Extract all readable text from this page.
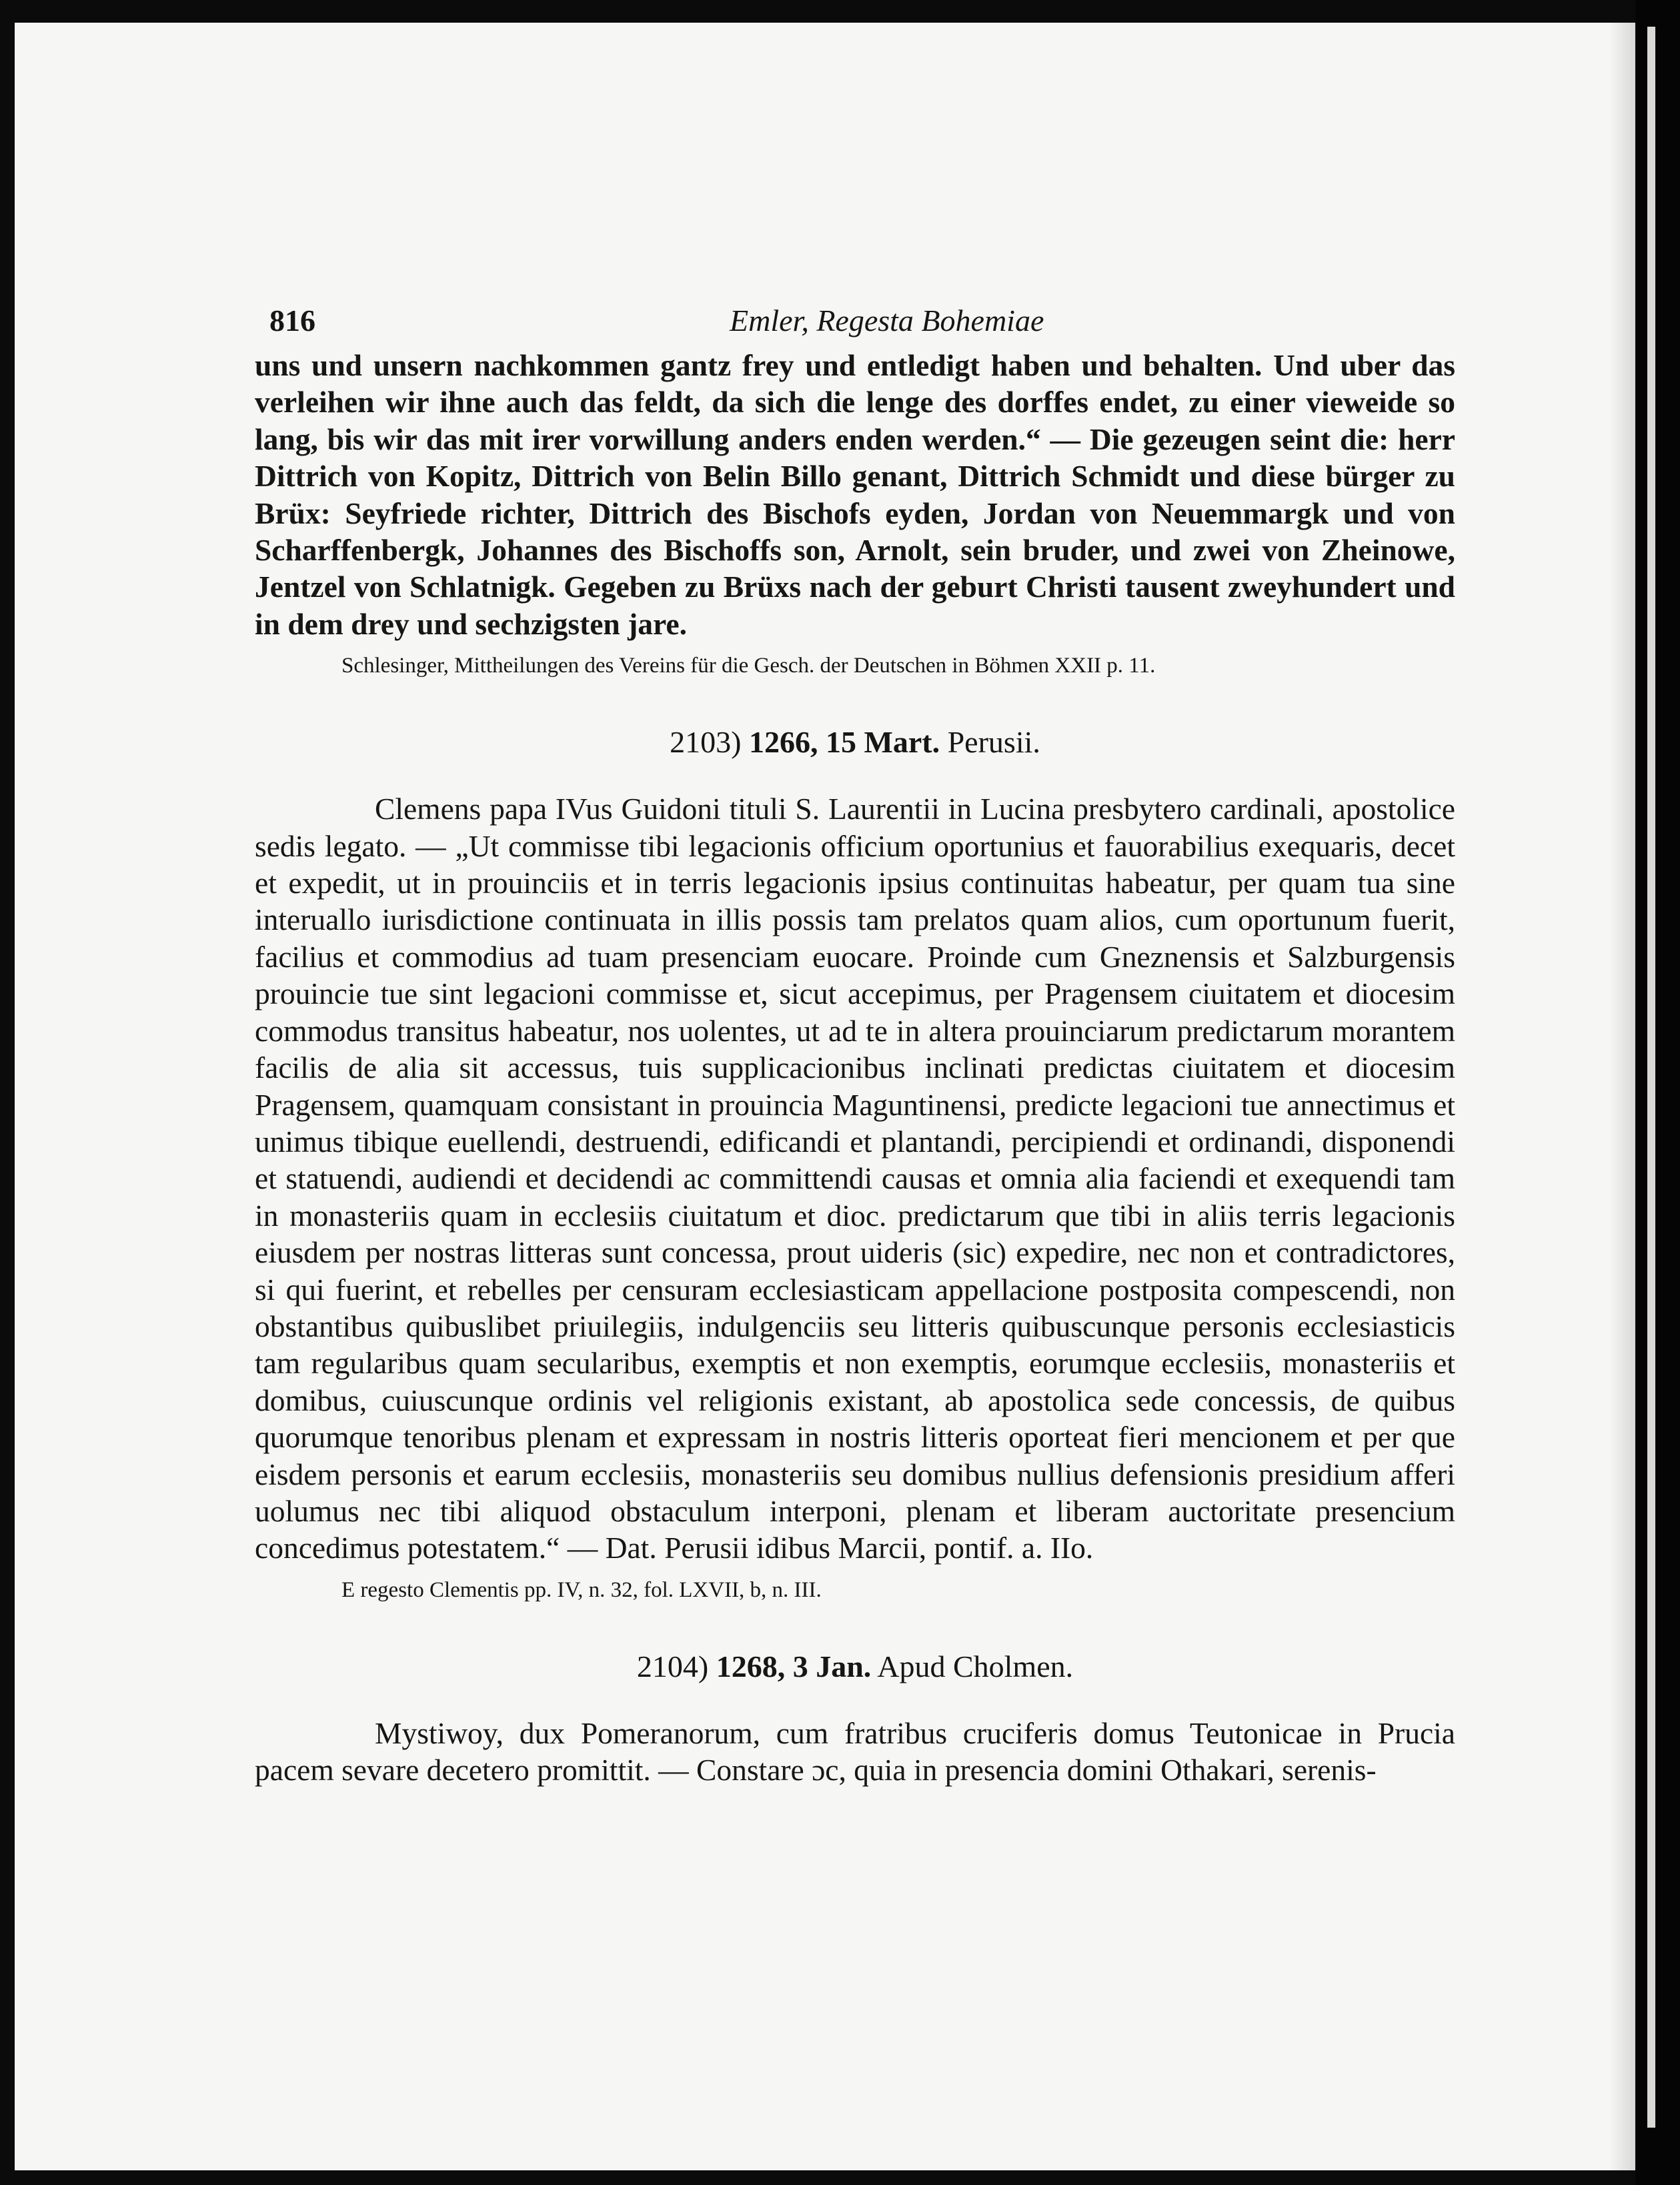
816	Emler, Regesta Bohemiae

uns und unsern nachkommen gantz frey und entledigt haben und behalten. Und uber das verleihen wir ihne auch das feldt, da sich die lenge des dorffes endet, zu einer vieweide so lang, bis wir das mit irer vorwillung anders enden werden.“ — Die gezeugen seint die: herr Dittrich von Kopitz, Dittrich von Belin Billo genant, Dittrich Schmidt und diese bürger zu Brüx: Seyfriede richter, Dittrich des Bischofs eyden, Jordan von Neuemmargk und von Scharffenbergk, Johannes des Bischoffs son, Arnolt, sein bruder, und zwei von Zheinowe, Jentzel von Schlatnigk. Gegeben zu Brüxs nach der geburt Christi tausent zweyhundert und in dem drey und sechzigsten jare.

Schlesinger, Mittheilungen des Vereins für die Gesch. der Deutschen in Böhmen XXII p. 11.

2103) 1266, 15 Mart. Perusii.

Clemens papa IVus Guidoni tituli S. Laurentii in Lucina presbytero cardinali, apostolice sedis legato. — „Ut commisse tibi legacionis officium oportunius et fauorabilius exequaris, decet et expedit, ut in prouinciis et in terris legacionis ipsius continuitas habeatur, per quam tua sine interuallo iurisdictione continuata in illis possis tam prelatos quam alios, cum oportunum fuerit, facilius et commodius ad tuam presenciam euocare. Proinde cum Gneznensis et Salzburgensis prouincie tue sint legacioni commisse et, sicut accepimus, per Pragensem ciuitatem et diocesim commodus transitus habeatur, nos uolentes, ut ad te in altera prouinciarum predictarum morantem facilis de alia sit accessus, tuis supplicacionibus inclinati predictas ciuitatem et diocesim Pragensem, quamquam consistant in prouincia Maguntinensi, predicte legacioni tue annectimus et unimus tibique euellendi, destruendi, edificandi et plantandi, percipiendi et ordinandi, disponendi et statuendi, audiendi et decidendi ac committendi causas et omnia alia faciendi et exequendi tam in monasteriis quam in ecclesiis ciuitatum et dioc. predictarum que tibi in aliis terris legacionis eiusdem per nostras litteras sunt concessa, prout uideris (sic) expedire, nec non et contradictores, si qui fuerint, et rebelles per censuram ecclesiasticam appellacione postposita compescendi, non obstantibus quibuslibet priuilegiis, indulgenciis seu litteris quibuscunque personis ecclesiasticis tam regularibus quam secularibus, exemptis et non exemptis, eorumque ecclesiis, monasteriis et domibus, cuiuscunque ordinis vel religionis existant, ab apostolica sede concessis, de quibus quorumque tenoribus plenam et expressam in nostris litteris oporteat fieri mencionem et per que eisdem personis et earum ecclesiis, monasteriis seu domibus nullius defensionis presidium afferi uolumus nec tibi aliquod obstaculum interponi, plenam et liberam auctoritate presencium concedimus potestatem.“ — Dat. Perusii idibus Marcii, pontif. a. IIo.

E regesto Clementis pp. IV, n. 32, fol. LXVII, b, n. III.

2104) 1268, 3 Jan. Apud Cholmen.

Mystiwoy, dux Pomeranorum, cum fratribus cruciferis domus Teutonicae in Prucia pacem sevare decetero promittit. — Constare ɔc, quia in presencia domini Othakari, serenis-
